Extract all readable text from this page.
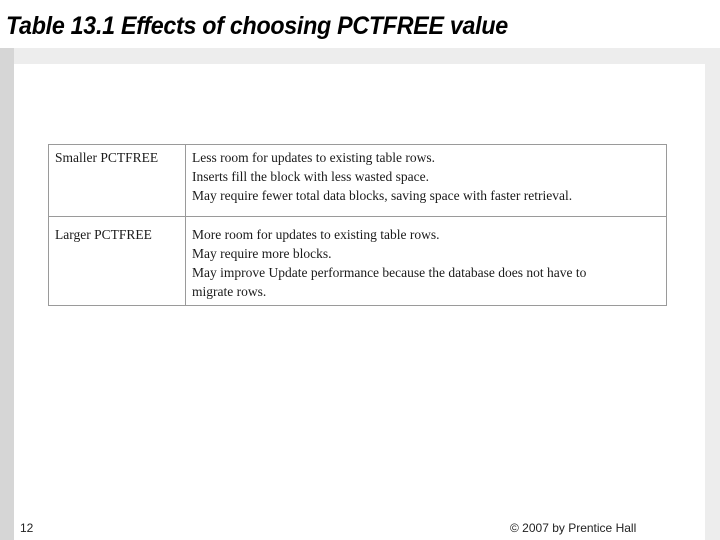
Table 13.1 Effects of choosing PCTFREE value
Smaller PCTFREE	Less room for updates to existing table rows.
Inserts fill the block with less wasted space.
May require fewer total data blocks, saving space with faster retrieval.

Larger PCTFREE	More room for updates to existing table rows.
May require more blocks.
May improve Update performance because the database does not have to
migrate rows.
12	© 2007 by Prentice Hall
